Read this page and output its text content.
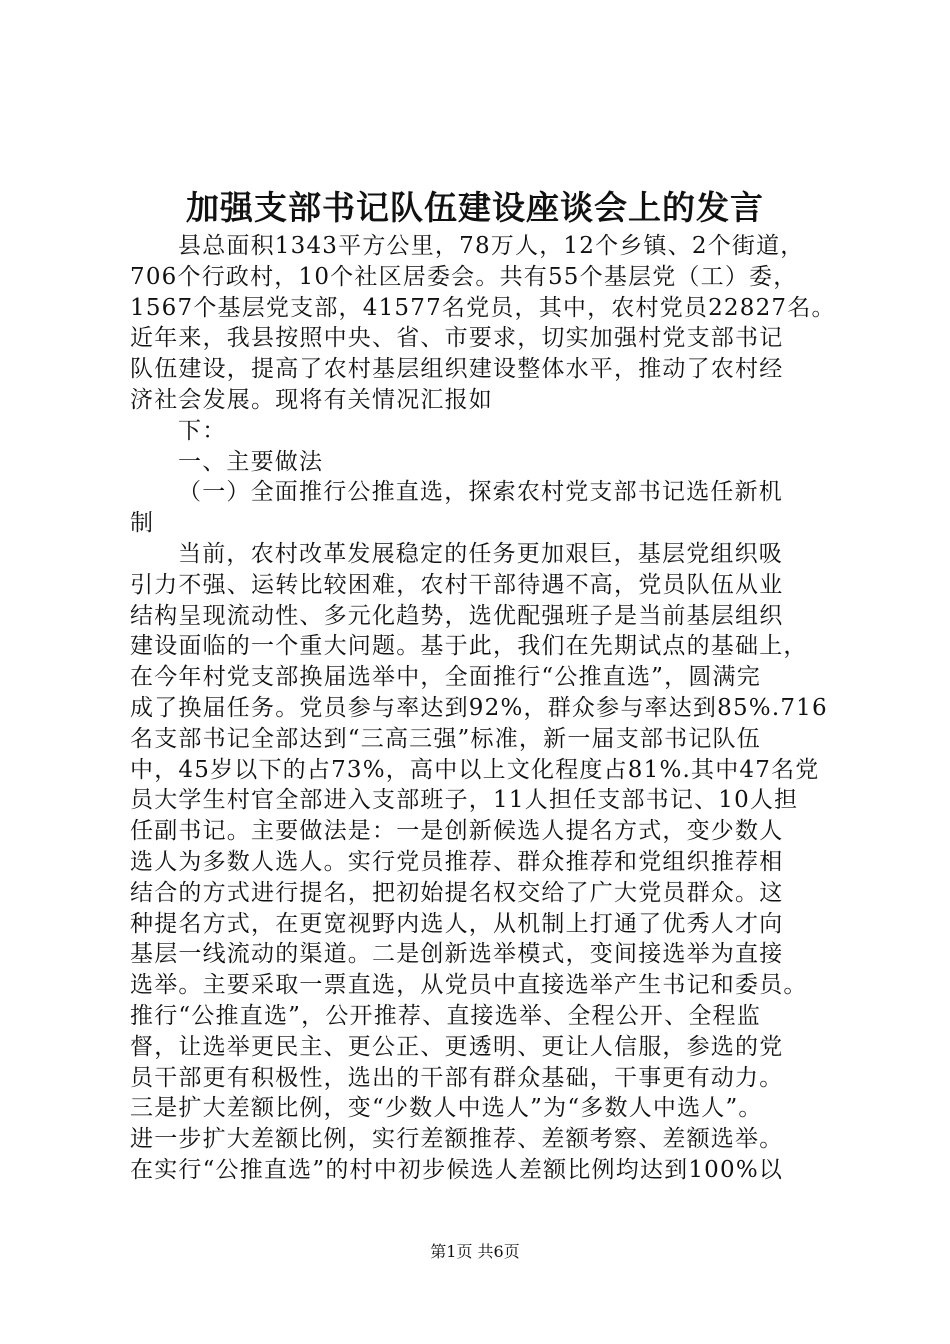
加强支部书记队伍建设座谈会上的发言
县总面积1343平方公里，78万人，12个乡镇、2个街道，
706个行政村，10个社区居委会。共有55个基层党（工）委，
1567个基层党支部，41577名党员，其中，农村党员22827名。
近年来，我县按照中央、省、市要求，切实加强村党支部书记
队伍建设，提高了农村基层组织建设整体水平，推动了农村经
济社会发展。现将有关情况汇报如
下：
一、主要做法
（一）全面推行公推直选，探索农村党支部书记选任新机
制
当前，农村改革发展稳定的任务更加艰巨，基层党组织吸
引力不强、运转比较困难，农村干部待遇不高，党员队伍从业
结构呈现流动性、多元化趋势，选优配强班子是当前基层组织
建设面临的一个重大问题。基于此，我们在先期试点的基础上，
在今年村党支部换届选举中，全面推行“公推直选”，圆满完
成了换届任务。党员参与率达到92%，群众参与率达到85%.716
名支部书记全部达到“三高三强”标准，新一届支部书记队伍
中，45岁以下的占73%，高中以上文化程度占81%.其中47名党
员大学生村官全部进入支部班子，11人担任支部书记、10人担
任副书记。主要做法是：一是创新候选人提名方式，变少数人
选人为多数人选人。实行党员推荐、群众推荐和党组织推荐相
结合的方式进行提名，把初始提名权交给了广大党员群众。这
种提名方式，在更宽视野内选人，从机制上打通了优秀人才向
基层一线流动的渠道。二是创新选举模式，变间接选举为直接
选举。主要采取一票直选，从党员中直接选举产生书记和委员。
推行“公推直选”，公开推荐、直接选举、全程公开、全程监
督，让选举更民主、更公正、更透明、更让人信服，参选的党
员干部更有积极性，选出的干部有群众基础，干事更有动力。
三是扩大差额比例，变“少数人中选人”为“多数人中选人”。
进一步扩大差额比例，实行差额推荐、差额考察、差额选举。
在实行“公推直选”的村中初步候选人差额比例均达到100%以
第1页 共6页
